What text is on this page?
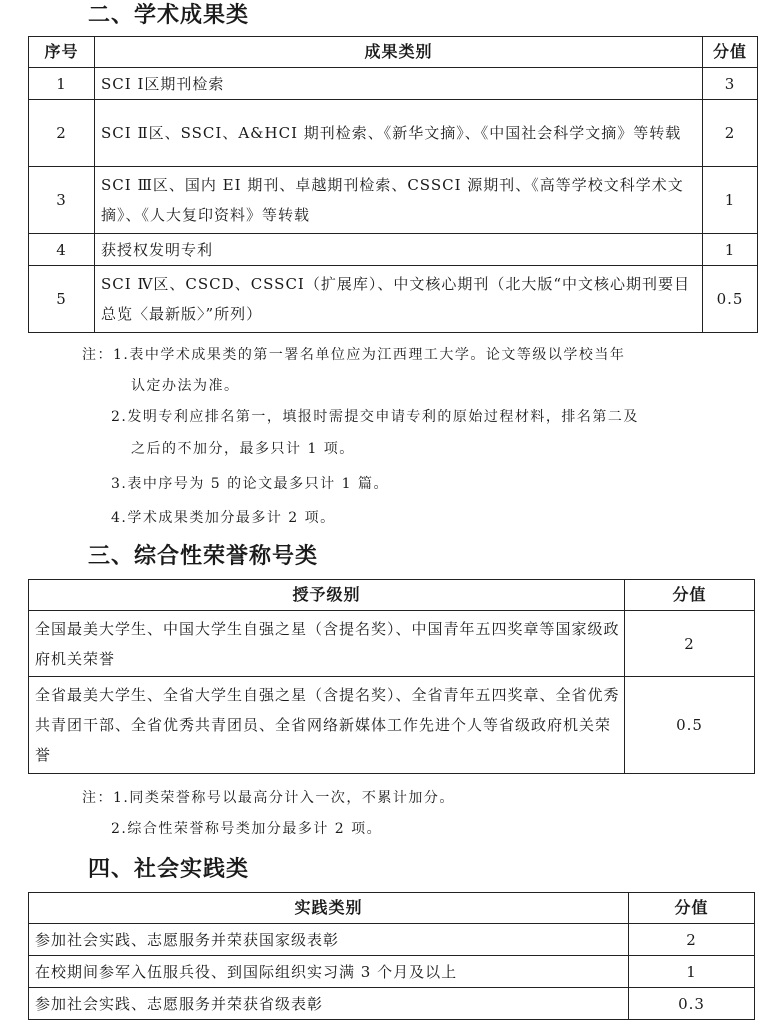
二、学术成果类
序号	成果类别	分值
1	SCI Ⅰ区期刊检索	3
2	SCI Ⅱ区、SSCI、A&HCI 期刊检索、《新华文摘》、《中国社会科学文摘》等转载	2
3	SCI Ⅲ区、国内 EI 期刊、卓越期刊检索、CSSCI 源期刊、《高等学校文科学术文摘》、《人大复印资料》等转载	1
4	获授权发明专利	1
5	SCI Ⅳ区、CSCD、CSSCI（扩展库）、中文核心期刊（北大版“中文核心期刊要目总览〈最新版〉”所列）	0.5
注：1.表中学术成果类的第一署名单位应为江西理工大学。论文等级以学校当年
认定办法为准。
2.发明专利应排名第一，填报时需提交申请专利的原始过程材料，排名第二及
之后的不加分，最多只计 1 项。
3.表中序号为 5 的论文最多只计 1 篇。
4.学术成果类加分最多计 2 项。
三、综合性荣誉称号类
授予级别	分值
全国最美大学生、中国大学生自强之星（含提名奖）、中国青年五四奖章等国家级政府机关荣誉	2
全省最美大学生、全省大学生自强之星（含提名奖）、全省青年五四奖章、全省优秀共青团干部、全省优秀共青团员、全省网络新媒体工作先进个人等省级政府机关荣誉	0.5
注：1.同类荣誉称号以最高分计入一次，不累计加分。
2.综合性荣誉称号类加分最多计 2 项。
四、社会实践类
实践类别	分值
参加社会实践、志愿服务并荣获国家级表彰	2
在校期间参军入伍服兵役、到国际组织实习满 3 个月及以上	1
参加社会实践、志愿服务并荣获省级表彰	0.3
